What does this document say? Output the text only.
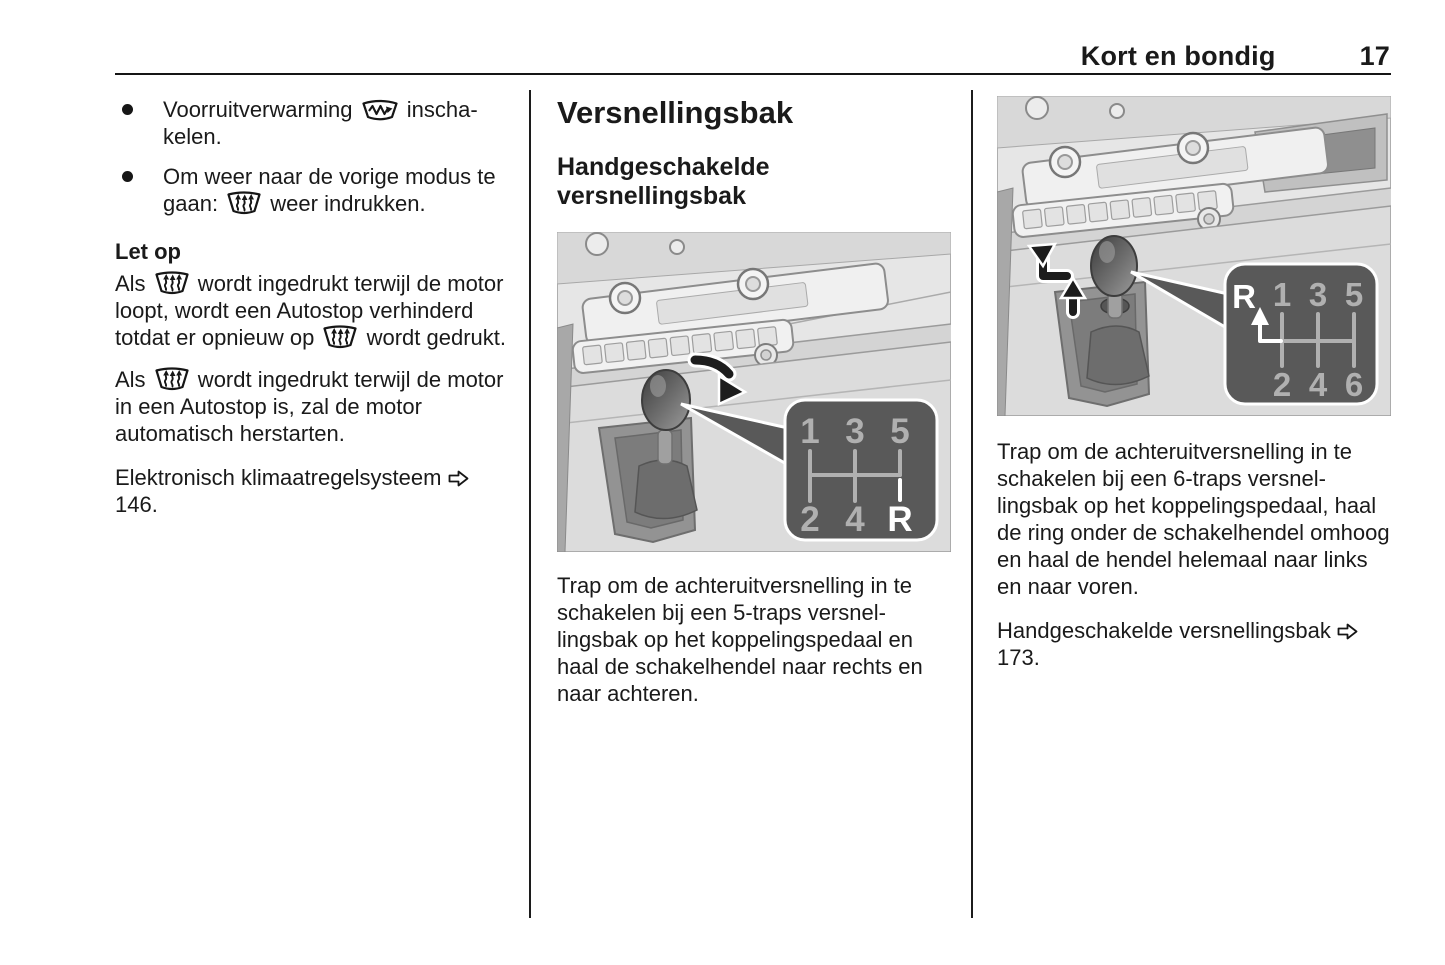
Kort en bondig	17
Voorruitverwarming  inscha-kelen.
Om weer naar de vorige modus te gaan:  weer indrukken.
Let op

Als  wordt ingedrukt terwijl de motor loopt, wordt een Autostop verhinderd totdat er opnieuw op  wordt gedrukt.

Als  wordt ingedrukt terwijl de motor in een Autostop is, zal de motor automatisch herstarten.

Elektronisch klimaatregelsysteem  146.

Versnellingsbak
Handgeschakelde versnellingsbak
1 3 5
2 4 R

Trap om de achteruitversnelling in te schakelen bij een 5-traps versnel-lingsbak op het koppelingspedaal en haal de schakelhendel naar rechts en naar achteren.

R 1 3 5
2 4 6

Trap om de achteruitversnelling in te schakelen bij een 6-traps versnel-lingsbak op het koppelingspedaal, haal de ring onder de schakelhendel omhoog en haal de hendel helemaal naar links en naar voren.

Handgeschakelde versnellingsbak  173.
